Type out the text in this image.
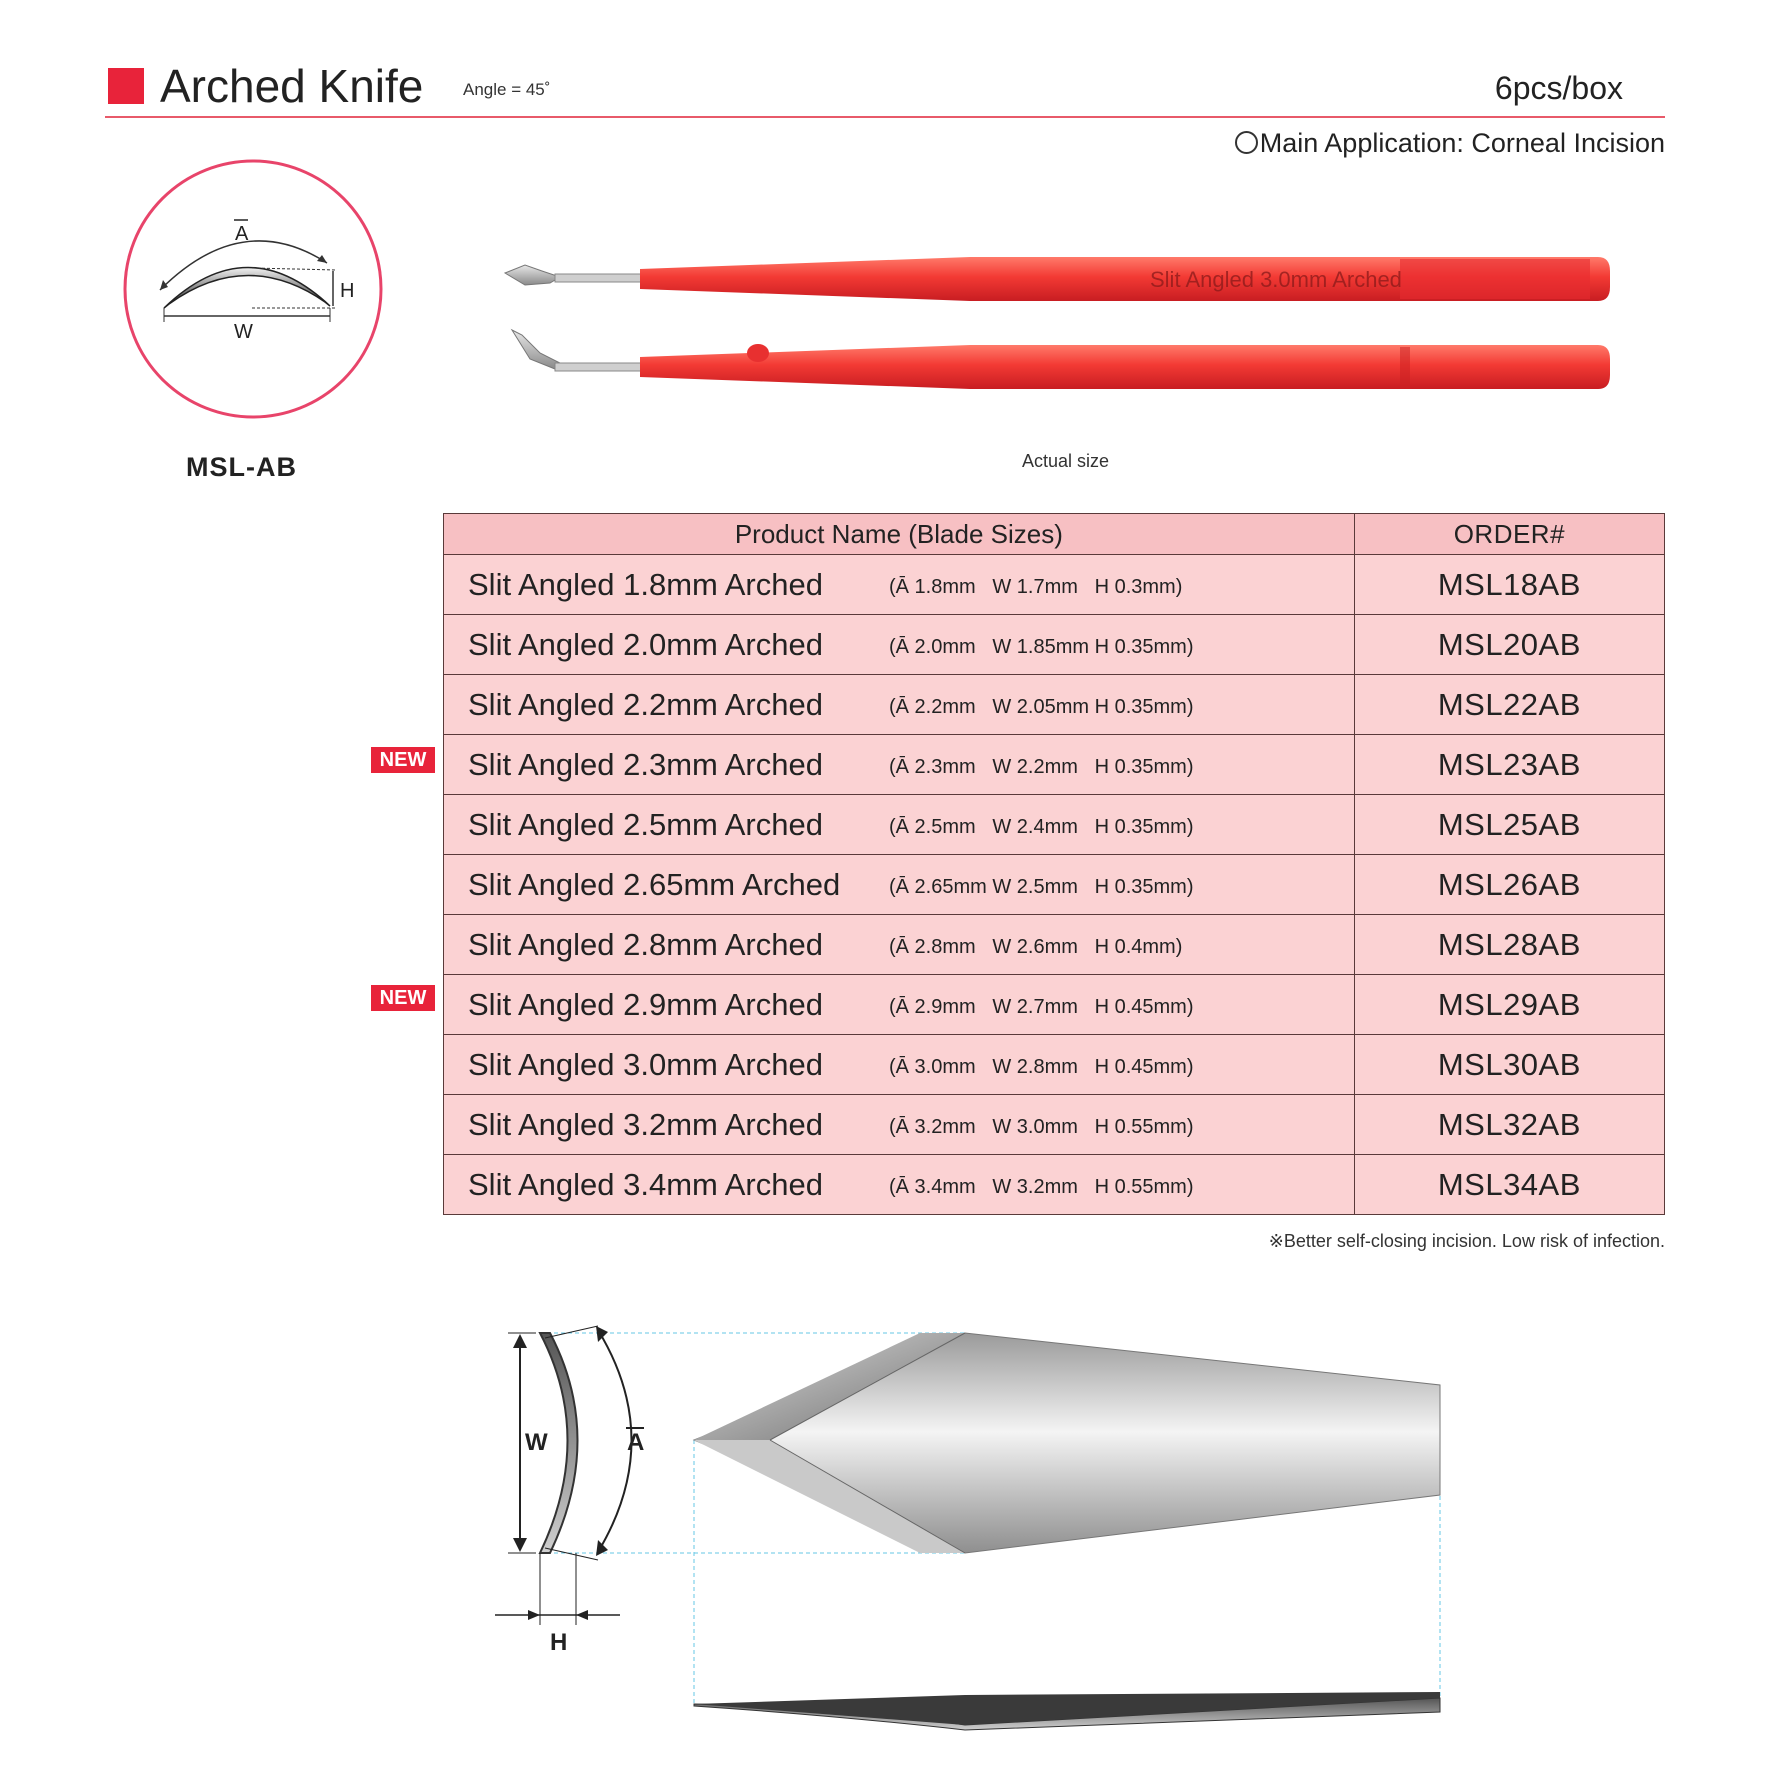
Arched Knife Angle = 45˚	6pcs/box
Main Application: Corneal Incision
A
H
W
MSL-AB
Slit Angled 3.0mm Arched
Actual size
Product Name (Blade Sizes)	ORDER#

Slit Angled 1.8mm Arched (Ā 1.8mm   W 1.7mm   H 0.3mm)	MSL18AB

Slit Angled 2.0mm Arched (Ā 2.0mm   W 1.85mm H 0.35mm)	MSL20AB

Slit Angled 2.2mm Arched (Ā 2.2mm   W 2.05mm H 0.35mm)	MSL22AB

Slit Angled 2.3mm Arched (Ā 2.3mm   W 2.2mm   H 0.35mm)	MSL23AB

Slit Angled 2.5mm Arched (Ā 2.5mm   W 2.4mm   H 0.35mm)	MSL25AB

Slit Angled 2.65mm Arched (Ā 2.65mm W 2.5mm   H 0.35mm)	MSL26AB

Slit Angled 2.8mm Arched (Ā 2.8mm   W 2.6mm   H 0.4mm)	MSL28AB

Slit Angled 2.9mm Arched (Ā 2.9mm   W 2.7mm   H 0.45mm)	MSL29AB

Slit Angled 3.0mm Arched (Ā 3.0mm   W 2.8mm   H 0.45mm)	MSL30AB

Slit Angled 3.2mm Arched (Ā 3.2mm   W 3.0mm   H 0.55mm)	MSL32AB

Slit Angled 3.4mm Arched (Ā 3.4mm   W 3.2mm   H 0.55mm)	MSL34AB
NEW
NEW
※Better self-closing incision. Low risk of infection.
W	A
H
